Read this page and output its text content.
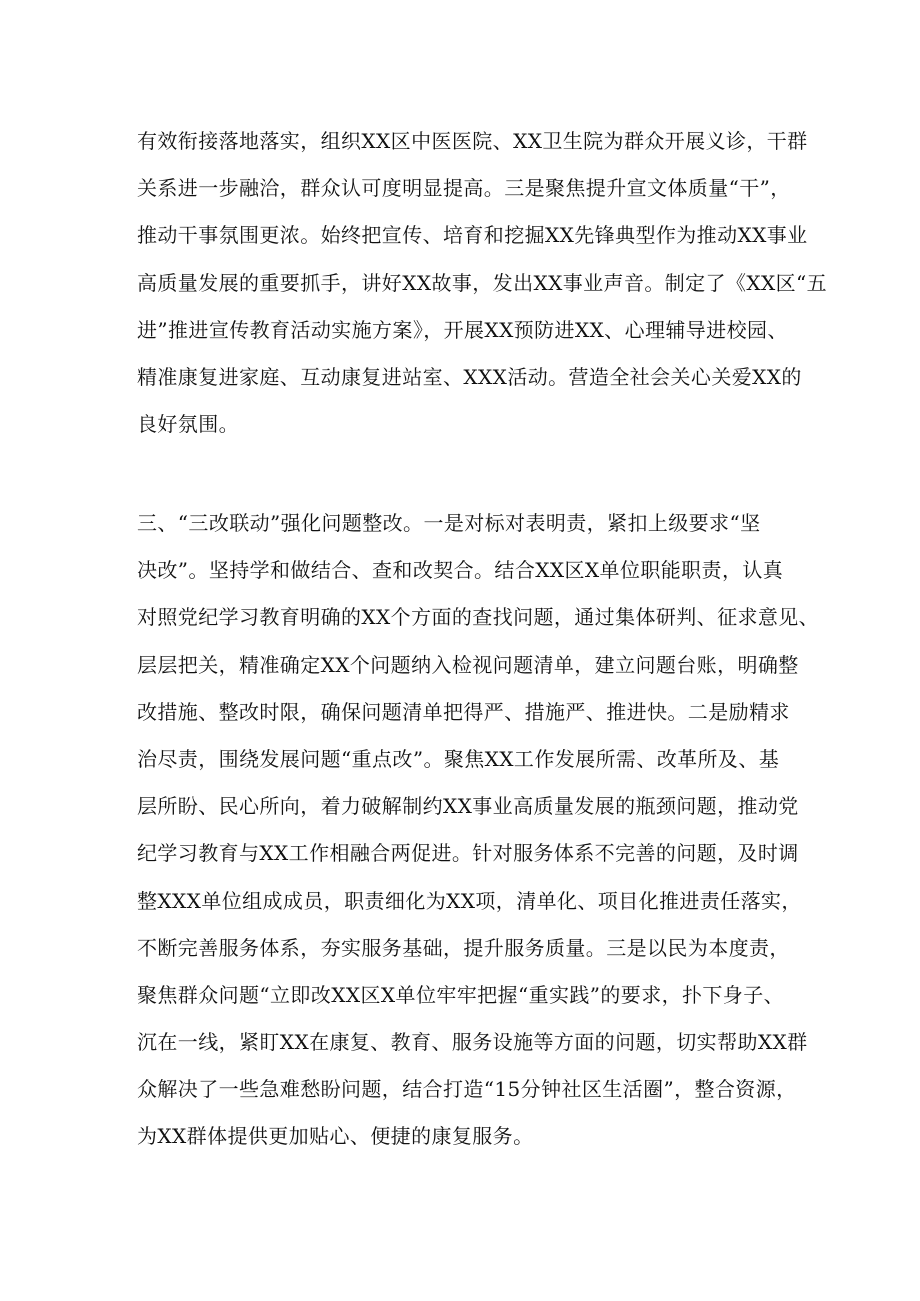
有效衔接落地落实，组织XX区中医医院、XX卫生院为群众开展义诊，干群
关系进一步融洽，群众认可度明显提高。三是聚焦提升宣文体质量“干”，
推动干事氛围更浓。始终把宣传、培育和挖掘XX先锋典型作为推动XX事业
高质量发展的重要抓手，讲好XX故事，发出XX事业声音。制定了《XX区“五
进”推进宣传教育活动实施方案》，开展XX预防进XX、心理辅导进校园、
精准康复进家庭、互动康复进站室、XXX活动。营造全社会关心关爱XX的
良好氛围。
三、“三改联动”强化问题整改。一是对标对表明责，紧扣上级要求“坚
决改”。坚持学和做结合、查和改契合。结合XX区X单位职能职责，认真
对照党纪学习教育明确的XX个方面的查找问题，通过集体研判、征求意见、
层层把关，精准确定XX个问题纳入检视问题清单，建立问题台账，明确整
改措施、整改时限，确保问题清单把得严、措施严、推进快。二是励精求
治尽责，围绕发展问题“重点改”。聚焦XX工作发展所需、改革所及、基
层所盼、民心所向，着力破解制约XX事业高质量发展的瓶颈问题，推动党
纪学习教育与XX工作相融合两促进。针对服务体系不完善的问题，及时调
整XXX单位组成成员，职责细化为XX项，清单化、项目化推进责任落实，
不断完善服务体系，夯实服务基础，提升服务质量。三是以民为本度责，
聚焦群众问题“立即改XX区X单位牢牢把握“重实践”的要求，扑下身子、
沉在一线，紧盯XX在康复、教育、服务设施等方面的问题，切实帮助XX群
众解决了一些急难愁盼问题，结合打造“15分钟社区生活圈”，整合资源，
为XX群体提供更加贴心、便捷的康复服务。
